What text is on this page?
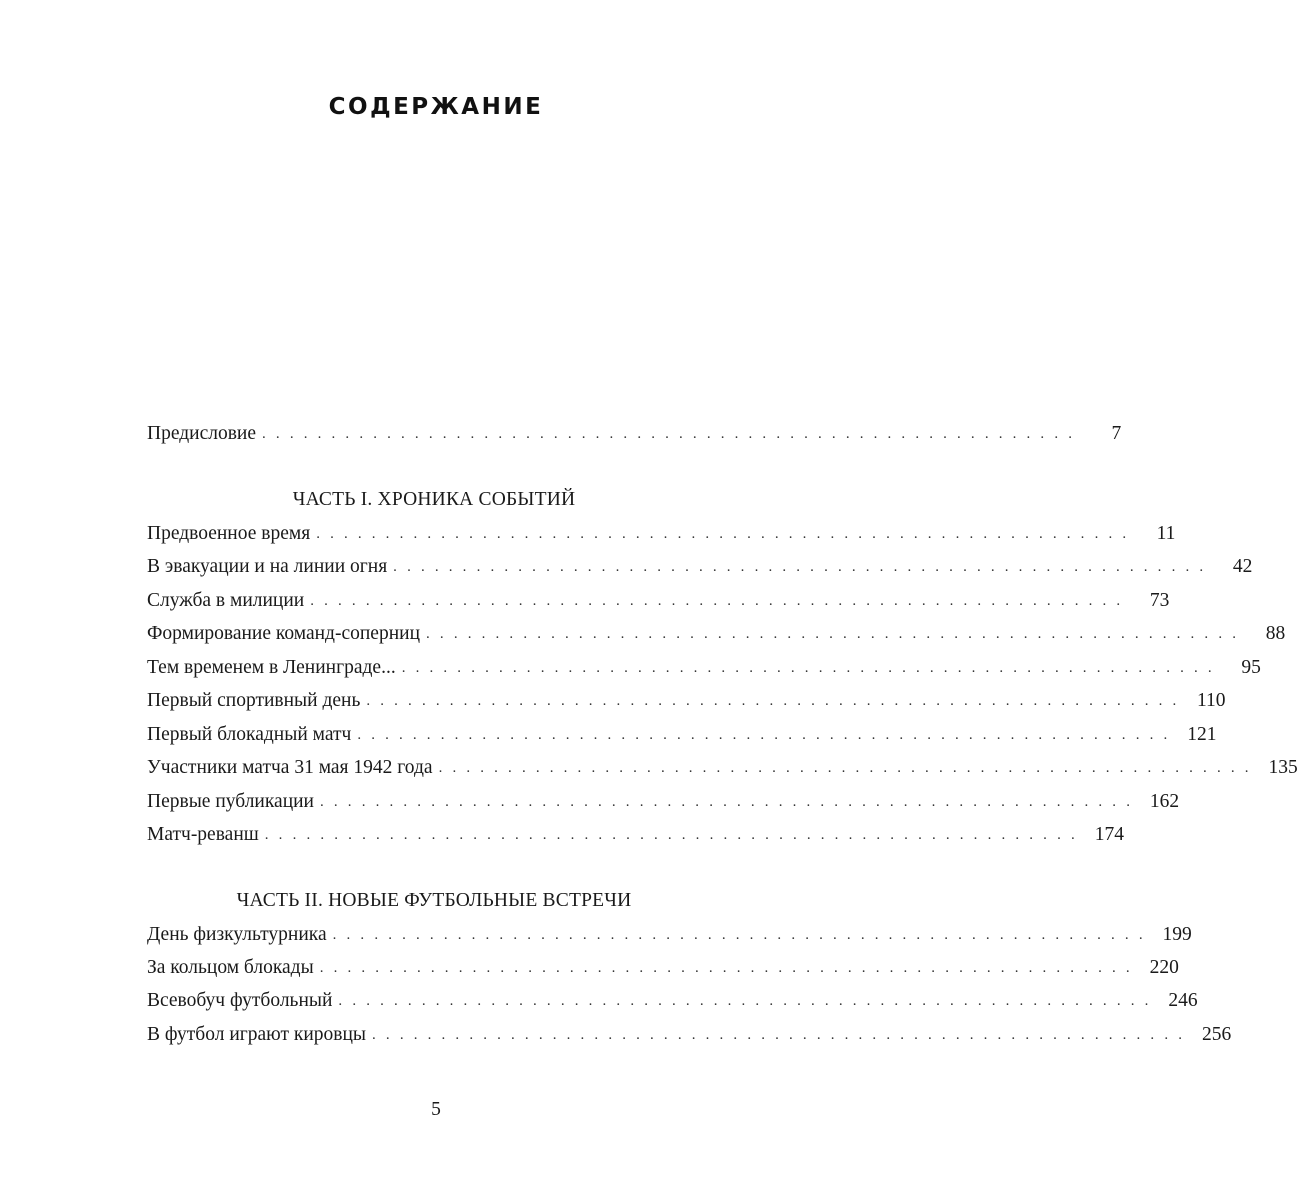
СОДЕРЖАНИЕ
Предисловие . . . . . . . . . . . . . . . . . . . . . . . . . . . . . . . . . . . . . . . . . . . . . . . . . . . . . . . . . . .	7
ЧАСТЬ I. ХРОНИКА СОБЫТИЙ
Предвоенное время . . . . . . . . . . . . . . . . . . . . . . . . . . . . . . . . . . . . . . . . . . . . . . . . . . . . . . . . . . .	11
В эвакуации и на линии огня . . . . . . . . . . . . . . . . . . . . . . . . . . . . . . . . . . . . . . . . . . . . . . . . . . . . . . . . . . .	42
Служба в милиции . . . . . . . . . . . . . . . . . . . . . . . . . . . . . . . . . . . . . . . . . . . . . . . . . . . . . . . . . . .	73
Формирование команд-соперниц . . . . . . . . . . . . . . . . . . . . . . . . . . . . . . . . . . . . . . . . . . . . . . . . . . . . . . . . . . .	88
Тем временем в Ленинграде... . . . . . . . . . . . . . . . . . . . . . . . . . . . . . . . . . . . . . . . . . . . . . . . . . . . . . . . . . . .	95
Первый спортивный день . . . . . . . . . . . . . . . . . . . . . . . . . . . . . . . . . . . . . . . . . . . . . . . . . . . . . . . . . . . 110
Первый блокадный матч . . . . . . . . . . . . . . . . . . . . . . . . . . . . . . . . . . . . . . . . . . . . . . . . . . . . . . . . . . . 121
Участники матча 31 мая 1942 года . . . . . . . . . . . . . . . . . . . . . . . . . . . . . . . . . . . . . . . . . . . . . . . . . . . . . . . . . . . 135
Первые публикации . . . . . . . . . . . . . . . . . . . . . . . . . . . . . . . . . . . . . . . . . . . . . . . . . . . . . . . . . . . 162
Матч-реванш . . . . . . . . . . . . . . . . . . . . . . . . . . . . . . . . . . . . . . . . . . . . . . . . . . . . . . . . . . . 174
ЧАСТЬ II. НОВЫЕ ФУТБОЛЬНЫЕ ВСТРЕЧИ
День физкультурника . . . . . . . . . . . . . . . . . . . . . . . . . . . . . . . . . . . . . . . . . . . . . . . . . . . . . . . . . . . 199
За кольцом блокады . . . . . . . . . . . . . . . . . . . . . . . . . . . . . . . . . . . . . . . . . . . . . . . . . . . . . . . . . . . 220
Всевобуч футбольный . . . . . . . . . . . . . . . . . . . . . . . . . . . . . . . . . . . . . . . . . . . . . . . . . . . . . . . . . . . 246
В футбол играют кировцы . . . . . . . . . . . . . . . . . . . . . . . . . . . . . . . . . . . . . . . . . . . . . . . . . . . . . . . . . . . 256
5
